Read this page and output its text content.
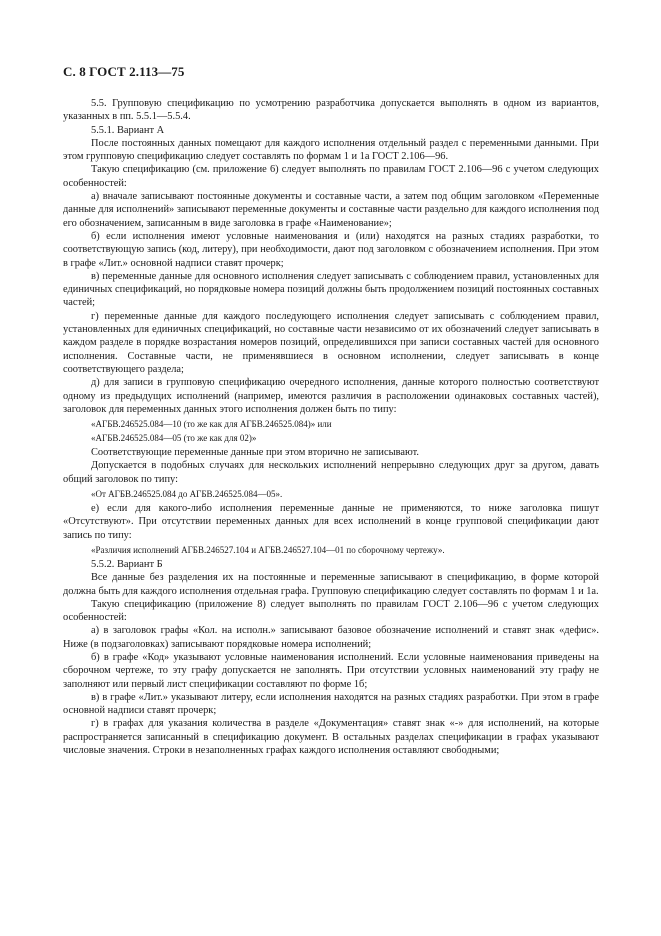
С. 8 ГОСТ 2.113—75

5.5. Групповую спецификацию по усмотрению разработчика допускается выполнять в одном из вариантов, указанных в пп. 5.5.1—5.5.4.

5.5.1. Вариант А

После постоянных данных помещают для каждого исполнения отдельный раздел с переменными данными. При этом групповую спецификацию следует составлять по формам 1 и 1а ГОСТ 2.106—96.

Такую спецификацию (см. приложение 6) следует выполнять по правилам ГОСТ 2.106—96 с учетом следующих особенностей:

а) вначале записывают постоянные документы и составные части, а затем под общим заголовком «Переменные данные для исполнений» записывают переменные документы и составные части раздельно для каждого исполнения под его обозначением, записанным в виде заголовка в графе «Наименование»;

б) если исполнения имеют условные наименования и (или) находятся на разных стадиях разработки, то соответствующую запись (код, литеру), при необходимости, дают под заголовком с обозначением исполнения. При этом в графе «Лит.» основной надписи ставят прочерк;

в) переменные данные для основного исполнения следует записывать с соблюдением правил, установленных для единичных спецификаций, но порядковые номера позиций должны быть продолжением позиций постоянных составных частей;

г) переменные данные для каждого последующего исполнения следует записывать с соблюдением правил, установленных для единичных спецификаций, но составные части независимо от их обозначений следует записывать в каждом разделе в порядке возрастания номеров позиций, определившихся при записи составных частей для основного исполнения. Составные части, не применявшиеся в основном исполнении, следует записывать в конце соответствующего раздела;

д) для записи в групповую спецификацию очередного исполнения, данные которого полностью соответствуют одному из предыдущих исполнений (например, имеются различия в расположении одинаковых составных частей), заголовок для переменных данных этого исполнения должен быть по типу:

«АГБВ.246525.084—10 (то же как для АГБВ.246525.084)» или

«АГБВ.246525.084—05 (то же как для 02)»

Соответствующие переменные данные при этом вторично не записывают.

Допускается в подобных случаях для нескольких исполнений непрерывно следующих друг за другом, давать общий заголовок по типу:

«От АГБВ.246525.084 до АГБВ.246525.084—05».

е) если для какого-либо исполнения переменные данные не применяются, то ниже заголовка пишут «Отсутствуют». При отсутствии переменных данных для всех исполнений в конце групповой спецификации дают запись по типу:

«Различия исполнений АГБВ.246527.104 и АГБВ.246527.104—01 по сборочному чертежу».

5.5.2. Вариант Б

Все данные без разделения их на постоянные и переменные записывают в спецификацию, в форме которой должна быть для каждого исполнения отдельная графа. Групповую спецификацию следует составлять по формам 1 и 1а.

Такую спецификацию (приложение 8) следует выполнять по правилам ГОСТ 2.106—96 с учетом следующих особенностей:

а) в заголовок графы «Кол. на исполн.» записывают базовое обозначение исполнений и ставят знак «дефис». Ниже (в подзаголовках) записывают порядковые номера исполнений;

б) в графе «Код» указывают условные наименования исполнений. Если условные наименования приведены на сборочном чертеже, то эту графу допускается не заполнять. При отсутствии условных наименований эту графу не заполняют или первый лист спецификации составляют по форме 1б;

в) в графе «Лит.» указывают литеру, если исполнения находятся на разных стадиях разработки. При этом в графе основной надписи ставят прочерк;

г) в графах для указания количества в разделе «Документация» ставят знак «-» для исполнений, на которые распространяется записанный в спецификацию документ. В остальных разделах спецификации в графах указывают числовые значения. Строки в незаполненных графах каждого исполнения оставляют свободными;
